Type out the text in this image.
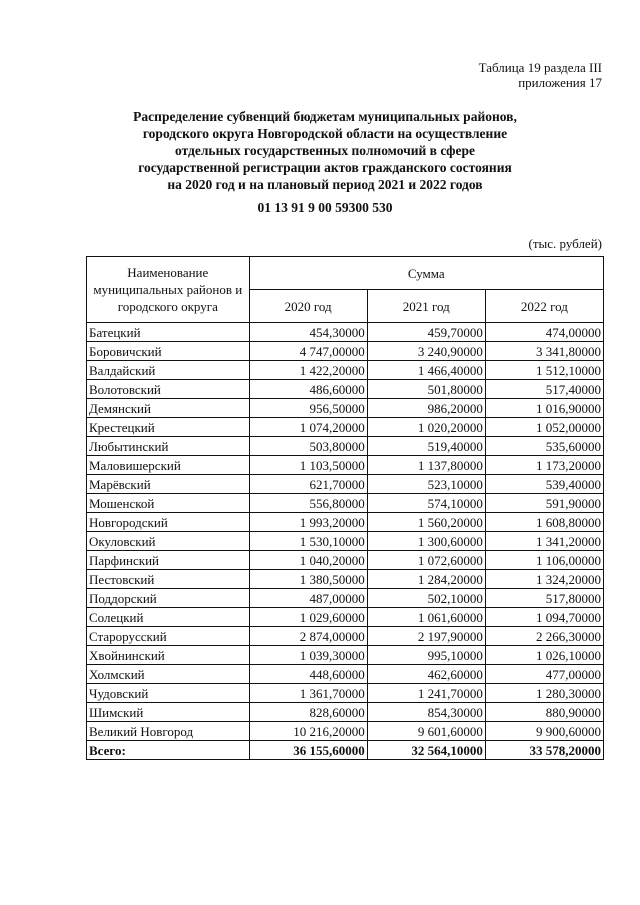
Таблица 19 раздела III
приложения 17
Распределение субвенций бюджетам муниципальных районов,
городского округа Новгородской области на осуществление
отдельных государственных полномочий в сфере
государственной регистрации актов гражданского состояния
на 2020 год и на плановый период 2021 и 2022 годов
01 13 91 9 00 59300 530
(тыс. рублей)
Наименование муниципальных районов и городского округа	Сумма		
	2020 год	2021 год	2022 год
Батецкий	454,30000	459,70000	474,00000
Боровичский	4 747,00000	3 240,90000	3 341,80000
Валдайский	1 422,20000	1 466,40000	1 512,10000
Волотовский	486,60000	501,80000	517,40000
Демянский	956,50000	986,20000	1 016,90000
Крестецкий	1 074,20000	1 020,20000	1 052,00000
Любытинский	503,80000	519,40000	535,60000
Маловишерский	1 103,50000	1 137,80000	1 173,20000
Марёвский	621,70000	523,10000	539,40000
Мошенской	556,80000	574,10000	591,90000
Новгородский	1 993,20000	1 560,20000	1 608,80000
Окуловский	1 530,10000	1 300,60000	1 341,20000
Парфинский	1 040,20000	1 072,60000	1 106,00000
Пестовский	1 380,50000	1 284,20000	1 324,20000
Поддорский	487,00000	502,10000	517,80000
Солецкий	1 029,60000	1 061,60000	1 094,70000
Старорусский	2 874,00000	2 197,90000	2 266,30000
Хвойнинский	1 039,30000	995,10000	1 026,10000
Холмский	448,60000	462,60000	477,00000
Чудовский	1 361,70000	1 241,70000	1 280,30000
Шимский	828,60000	854,30000	880,90000
Великий Новгород	10 216,20000	9 601,60000	9 900,60000
Всего:	36 155,60000	32 564,10000	33 578,20000
